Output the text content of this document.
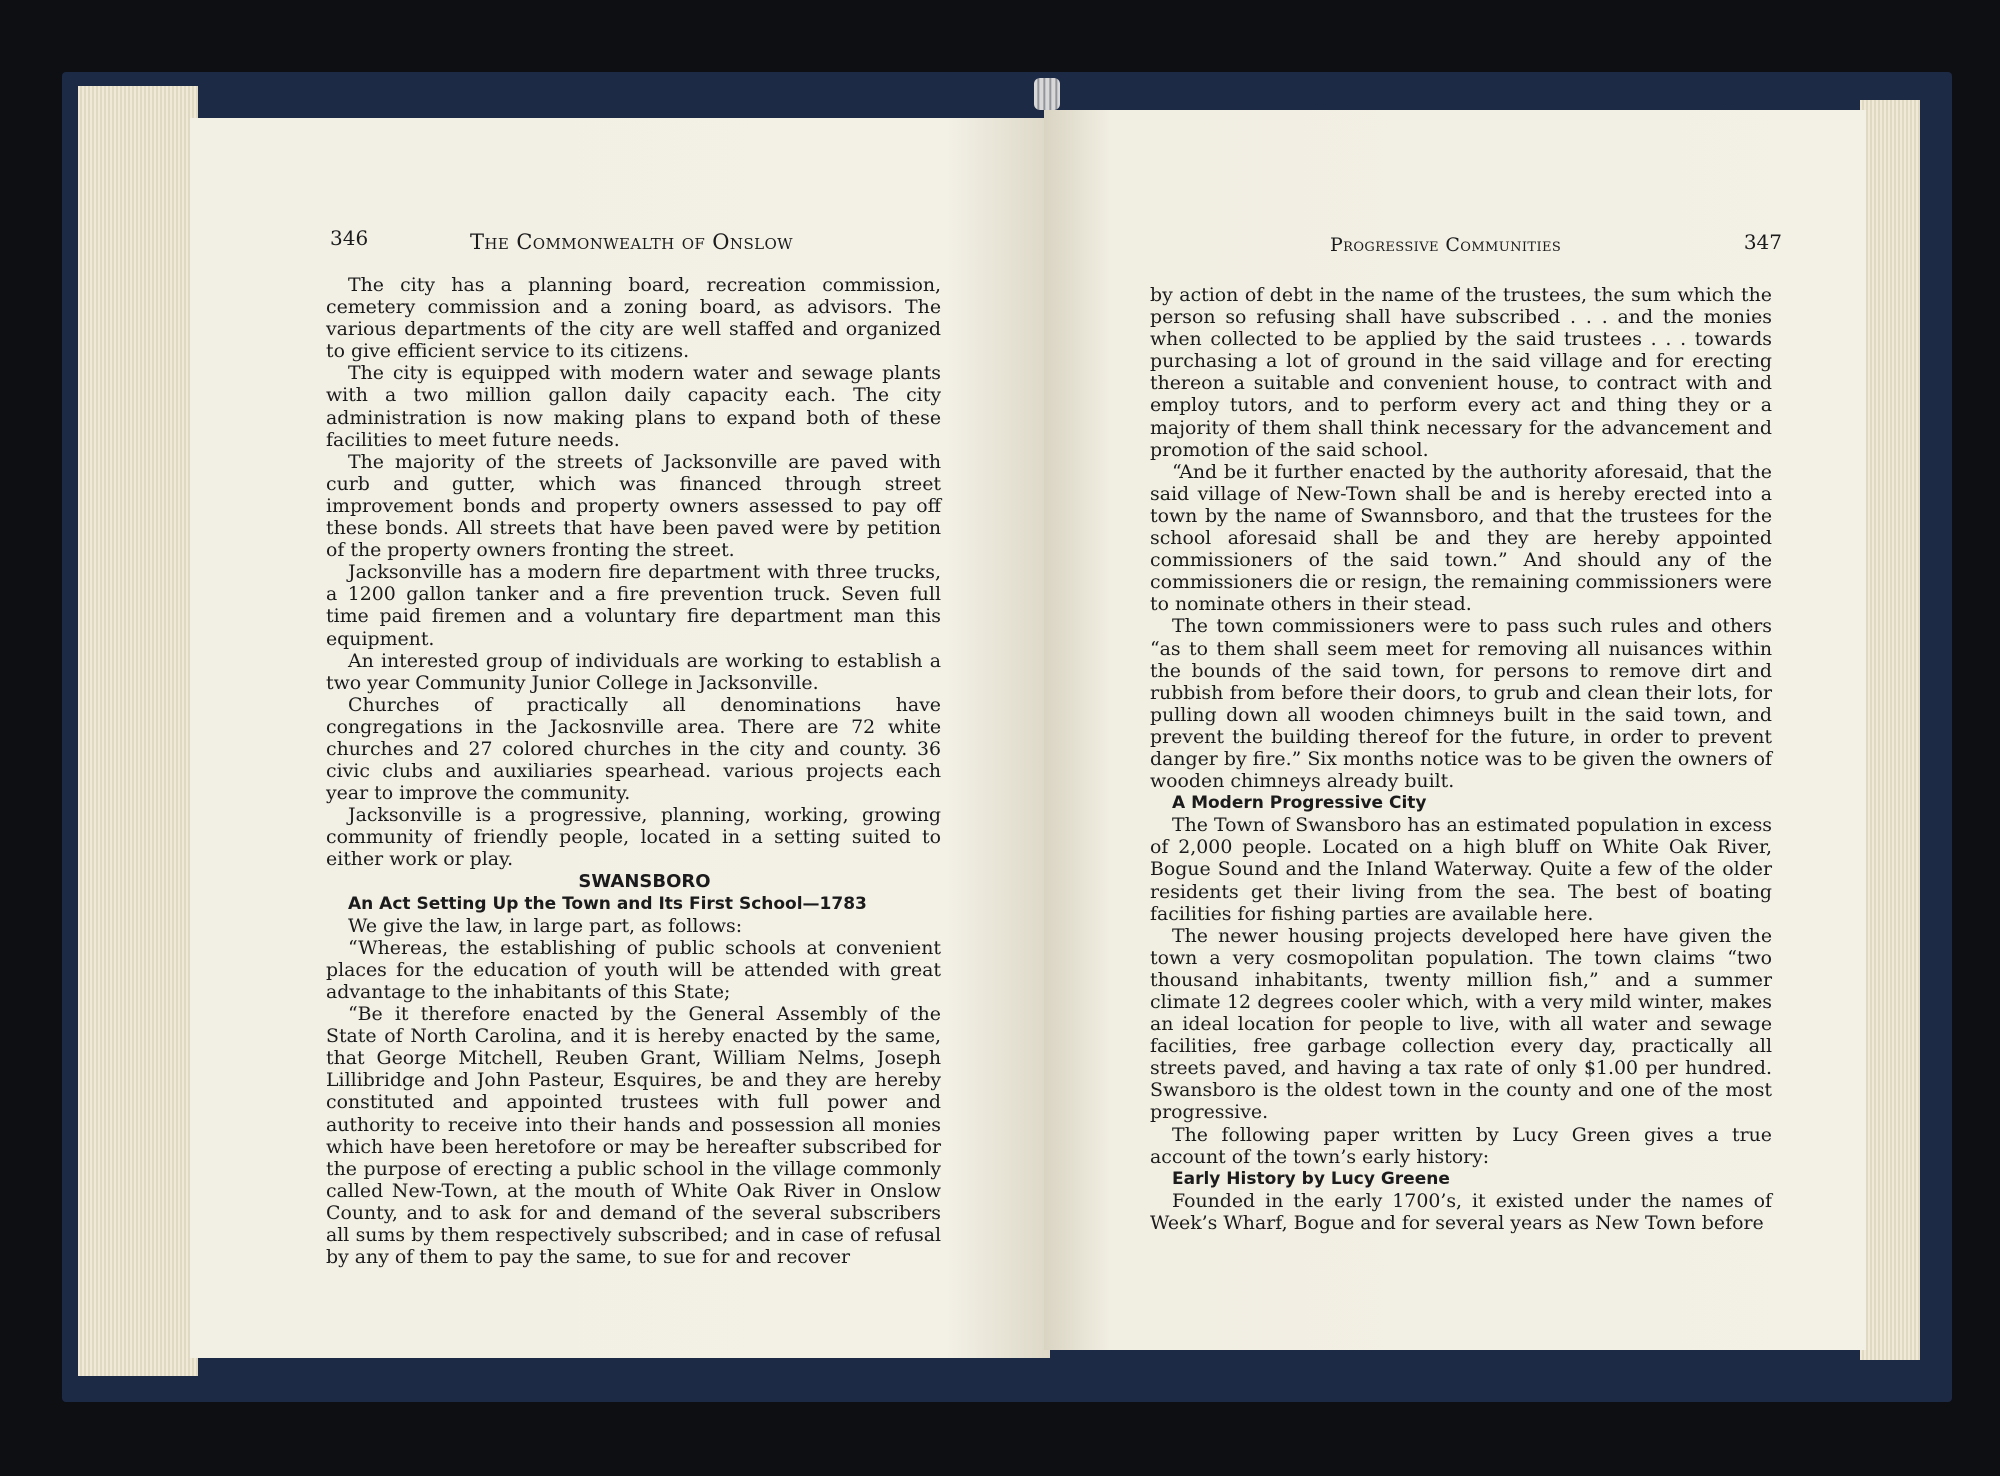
346	The Commonwealth of Onslow

The city has a planning board, recreation commission, cemetery commission and a zoning board, as advisors. The various departments of the city are well staffed and organized to give efficient service to its citizens.

The city is equipped with modern water and sewage plants with a two million gallon daily capacity each. The city administration is now making plans to expand both of these facilities to meet future needs.

The majority of the streets of Jacksonville are paved with curb and gutter, which was financed through street improvement bonds and property owners assessed to pay off these bonds. All streets that have been paved were by petition of the property owners fronting the street.

Jacksonville has a modern fire department with three trucks, a 1200 gallon tanker and a fire prevention truck. Seven full time paid firemen and a voluntary fire department man this equipment.

An interested group of individuals are working to establish a two year Community Junior College in Jacksonville.

Churches of practically all denominations have congregations in the Jackosnville area. There are 72 white churches and 27 colored churches in the city and county. 36 civic clubs and auxiliaries spearhead. various projects each year to improve the community.

Jacksonville is a progressive, planning, working, growing community of friendly people, located in a setting suited to either work or play.

SWANSBORO

An Act Setting Up the Town and Its First School—1783

We give the law, in large part, as follows:

“Whereas, the establishing of public schools at convenient places for the education of youth will be attended with great advantage to the inhabitants of this State;

“Be it therefore enacted by the General Assembly of the State of North Carolina, and it is hereby enacted by the same, that George Mitchell, Reuben Grant, William Nelms, Joseph Lillibridge and John Pasteur, Esquires, be and they are hereby constituted and appointed trustees with full power and authority to receive into their hands and possession all monies which have been heretofore or may be hereafter subscribed for the purpose of erecting a public school in the village commonly called New-Town, at the mouth of White Oak River in Onslow County, and to ask for and demand of the several subscribers all sums by them respectively subscribed; and in case of refusal by any of them to pay the same, to sue for and recover

Progressive Communities	347

by action of debt in the name of the trustees, the sum which the person so refusing shall have subscribed . . . and the monies when collected to be applied by the said trustees . . . towards purchasing a lot of ground in the said village and for erecting thereon a suitable and convenient house, to contract with and employ tutors, and to perform every act and thing they or a majority of them shall think necessary for the advancement and promotion of the said school.

“And be it further enacted by the authority aforesaid, that the said village of New-Town shall be and is hereby erected into a town by the name of Swannsboro, and that the trustees for the school aforesaid shall be and they are hereby appointed commissioners of the said town.” And should any of the commissioners die or resign, the remaining commissioners were to nominate others in their stead.

The town commissioners were to pass such rules and others “as to them shall seem meet for removing all nuisances within the bounds of the said town, for persons to remove dirt and rubbish from before their doors, to grub and clean their lots, for pulling down all wooden chimneys built in the said town, and prevent the building thereof for the future, in order to prevent danger by fire.” Six months notice was to be given the owners of wooden chimneys already built.

A Modern Progressive City

The Town of Swansboro has an estimated population in excess of 2,000 people. Located on a high bluff on White Oak River, Bogue Sound and the Inland Waterway. Quite a few of the older residents get their living from the sea. The best of boating facilities for fishing parties are available here.

The newer housing projects developed here have given the town a very cosmopolitan population. The town claims “two thousand inhabitants, twenty million fish,” and a summer climate 12 degrees cooler which, with a very mild winter, makes an ideal location for people to live, with all water and sewage facilities, free garbage collection every day, practically all streets paved, and having a tax rate of only $1.00 per hundred. Swansboro is the oldest town in the county and one of the most progressive.

The following paper written by Lucy Green gives a true account of the town’s early history:

Early History by Lucy Greene

Founded in the early 1700’s, it existed under the names of Week’s Wharf, Bogue and for several years as New Town before
